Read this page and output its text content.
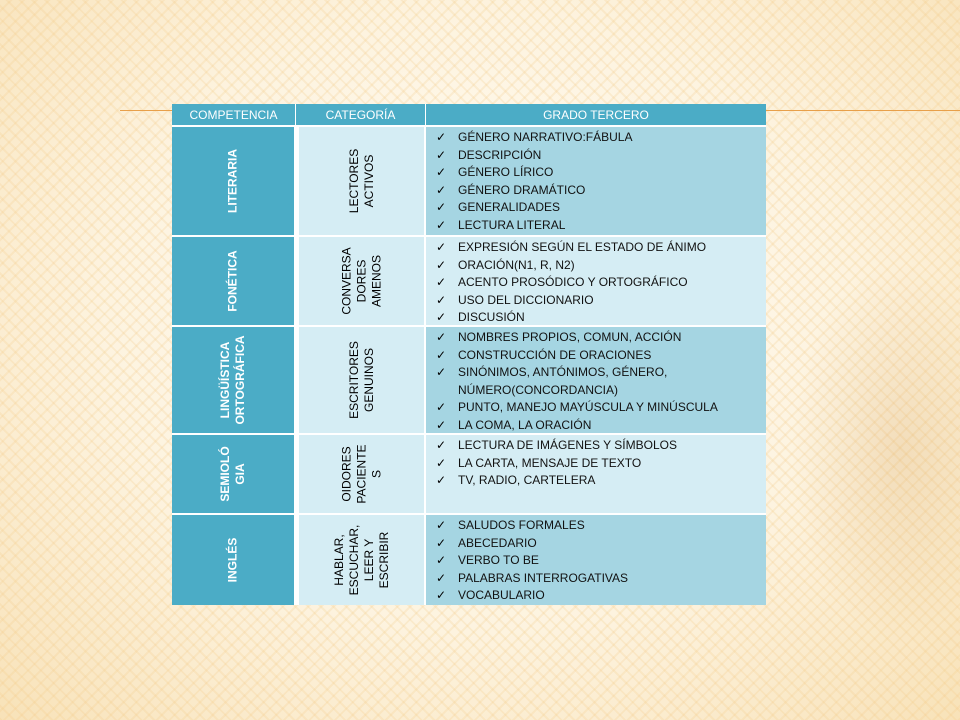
COMPETENCIA	CATEGORÍA	GRADO TERCERO
LITERARIA	LECTORES ACTIVOS
✓ GÉNERO NARRATIVO:FÁBULA
✓ DESCRIPCIÓN
✓ GÉNERO LÍRICO
✓ GÉNERO DRAMÁTICO
✓ GENERALIDADES
✓ LECTURA LITERAL
FONÉTICA	CONVERSA DORES AMENOS
✓ EXPRESIÓN SEGÚN EL ESTADO DE ÁNIMO
✓ ORACIÓN(N1, R, N2)
✓ ACENTO PROSÓDICO Y ORTOGRÁFICO
✓ USO DEL DICCIONARIO
✓ DISCUSIÓN
LINGÜÍSTICA ORTOGRÁFICA	ESCRITORES GENUINOS
✓ NOMBRES PROPIOS, COMUN, ACCIÓN
✓ CONSTRUCCIÓN DE ORACIONES
✓ SINÓNIMOS, ANTÓNIMOS, GÉNERO, NÚMERO(CONCORDANCIA)
✓ PUNTO, MANEJO MAYÚSCULA Y MINÚSCULA
✓ LA COMA, LA ORACIÓN
SEMIOLÓ GIA	OIDORES PACIENTE S
✓ LECTURA DE IMÁGENES Y SÍMBOLOS
✓ LA CARTA, MENSAJE DE TEXTO
✓ TV, RADIO, CARTELERA
INGLÉS	HABLAR, ESCUCHAR, LEER Y ESCRIBIR
✓ SALUDOS FORMALES
✓ ABECEDARIO
✓ VERBO TO BE
✓ PALABRAS INTERROGATIVAS
✓ VOCABULARIO
